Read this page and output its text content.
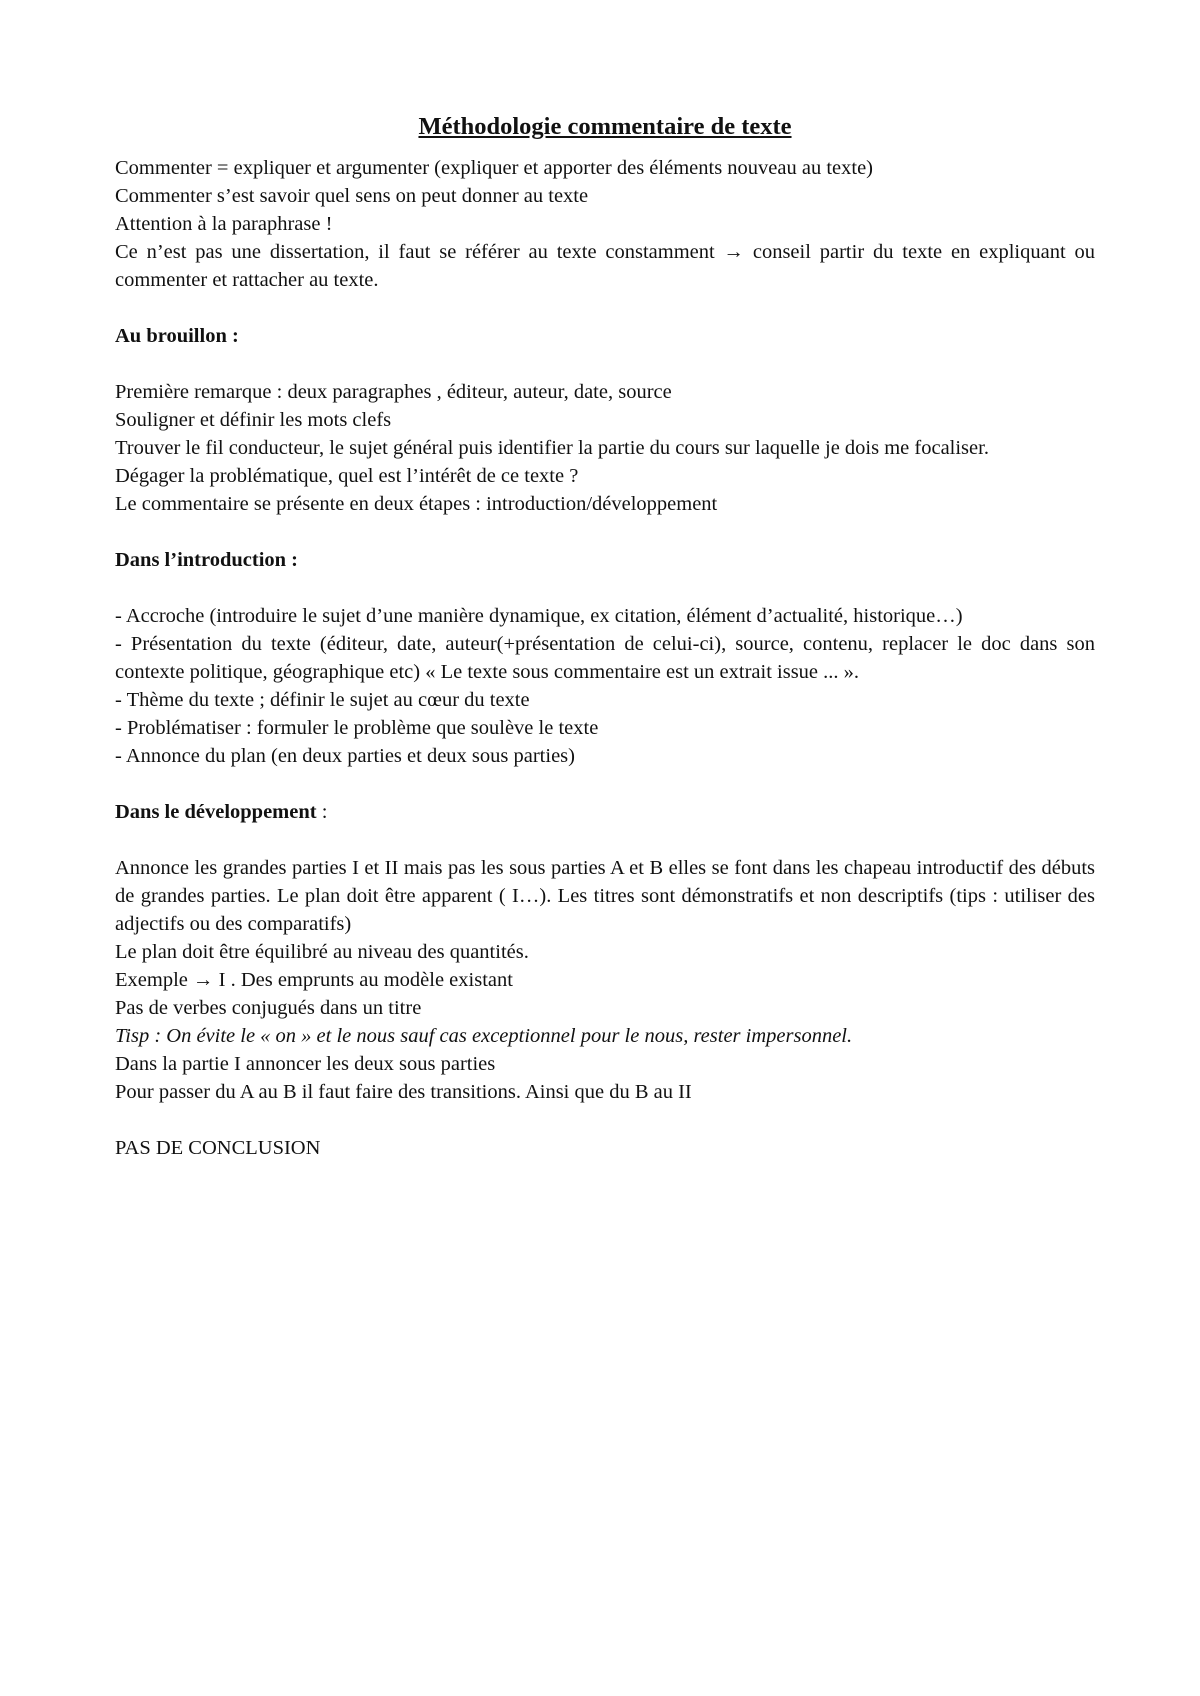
Méthodologie commentaire de texte
Commenter = expliquer et argumenter (expliquer et apporter des éléments nouveau au texte)
Commenter s’est savoir quel sens on peut donner au texte
Attention à la paraphrase !
Ce n’est pas une dissertation, il faut se référer au texte constamment → conseil partir du texte en expliquant ou commenter et rattacher au texte.
Au brouillon :
Première remarque : deux paragraphes , éditeur, auteur, date, source
Souligner et définir les mots clefs
Trouver le fil conducteur, le sujet général puis identifier la partie du cours sur laquelle je dois me focaliser.
Dégager la problématique, quel est l’intérêt de ce texte ?
Le commentaire se présente en deux étapes : introduction/développement
Dans l’introduction :
- Accroche (introduire le sujet d’une manière dynamique, ex citation, élément d’actualité, historique…)
- Présentation du texte (éditeur, date, auteur(+présentation de celui-ci), source, contenu, replacer le doc dans son contexte politique, géographique etc) « Le texte sous commentaire est un extrait issue ... ».
- Thème du texte ; définir le sujet au cœur du texte
- Problématiser : formuler le problème que soulève le texte
- Annonce du plan (en deux parties et deux sous parties)
Dans le développement :
Annonce les grandes parties I et II mais pas les sous parties A et B elles se font dans les chapeau introductif des débuts de grandes parties. Le plan doit être apparent ( I…). Les titres sont démonstratifs et non descriptifs (tips : utiliser des adjectifs ou des comparatifs)
Le plan doit être équilibré au niveau des quantités.
Exemple → I . Des emprunts au modèle existant
Pas de verbes conjugués dans un titre
Tisp : On évite le « on » et le nous sauf cas exceptionnel pour le nous, rester impersonnel.
Dans la partie I annoncer les deux sous parties
Pour passer du A au B il faut faire des transitions. Ainsi que du B au II
PAS DE CONCLUSION
